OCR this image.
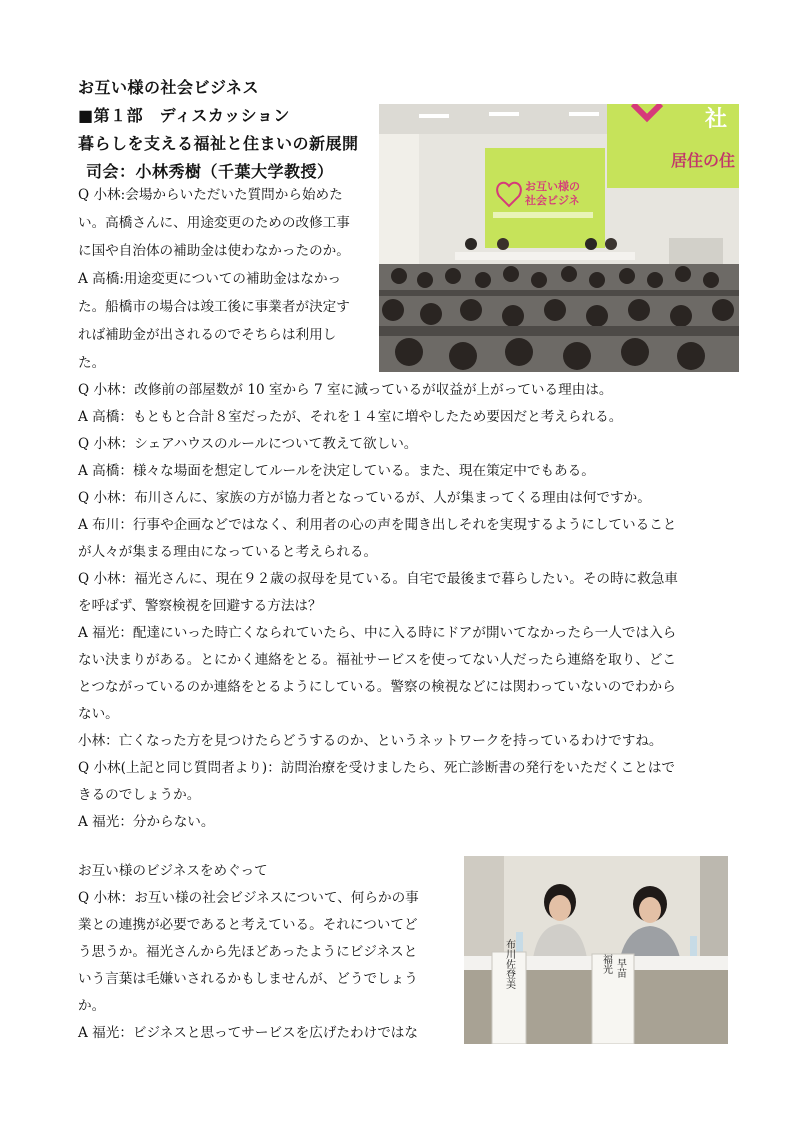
お互い様の社会ビジネス
■第１部　ディスカッション
暮らしを支える福祉と住まいの新展開
司会：小林秀樹（千葉大学教授）
Q 小林:会場からいただいた質問から始めた
い。高橋さんに、用途変更のための改修工事
に国や自治体の補助金は使わなかったのか。
A 高橋:用途変更についての補助金はなかっ
た。船橋市の場合は竣工後に事業者が決定す
れば補助金が出されるのでそちらは利用し
た。
Q 小林：改修前の部屋数が 10 室から 7 室に減っているが収益が上がっている理由は。
A 高橋：もともと合計８室だったが、それを１４室に増やしたため要因だと考えられる。
Q 小林：シェアハウスのルールについて教えて欲しい。
A 高橋：様々な場面を想定してルールを決定している。また、現在策定中でもある。
Q 小林：布川さんに、家族の方が協力者となっているが、人が集まってくる理由は何ですか。
A 布川：行事や企画などではなく、利用者の心の声を聞き出しそれを実現するようにしていること
が人々が集まる理由になっていると考えられる。
Q 小林：福光さんに、現在９２歳の叔母を見ている。自宅で最後まで暮らしたい。その時に救急車
を呼ばず、警察検視を回避する方法は？
A 福光：配達にいった時亡くなられていたら、中に入る時にドアが開いてなかったら一人では入ら
ない決まりがある。とにかく連絡をとる。福祉サービスを使ってない人だったら連絡を取り、どこ
とつながっているのか連絡をとるようにしている。警察の検視などには関わっていないのでわから
ない。
小林：亡くなった方を見つけたらどうするのか、というネットワークを持っているわけですね。
Q 小林(上記と同じ質問者より)：訪問治療を受けましたら、死亡診断書の発行をいただくことはで
きるのでしょうか。
A 福光：分からない。
お互い様のビジネスをめぐって
Q 小林：お互い様の社会ビジネスについて、何らかの事
業との連携が必要であると考えている。それについてど
う思うか。福光さんから先ほどあったようにビジネスと
いう言葉は毛嫌いされるかもしませんが、どうでしょう
か。
A 福光：ビジネスと思ってサービスを広げたわけではな
お互い様の
社会ビジネ
社
居住の住
布川佐登美	福光 早苗
